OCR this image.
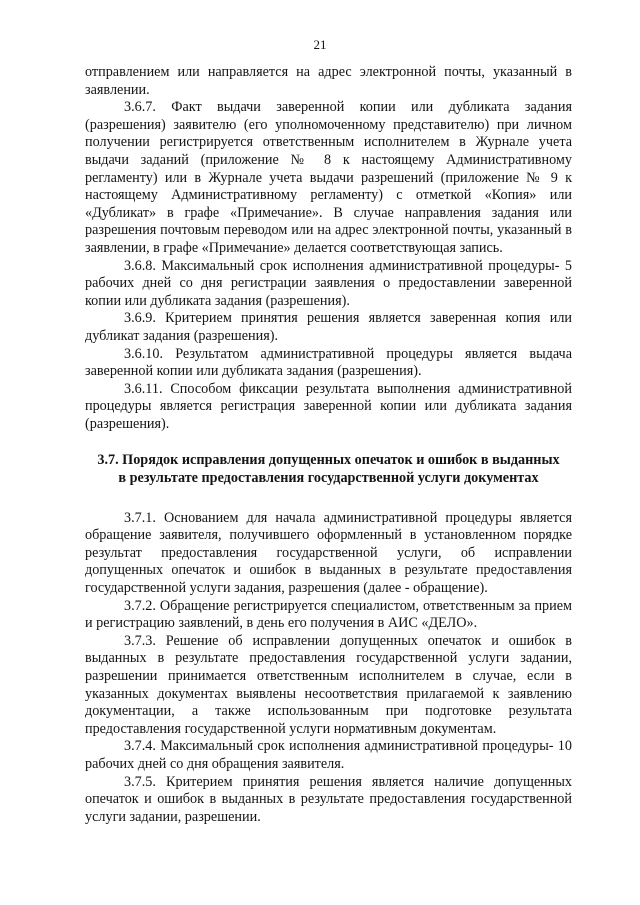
21

отправлением или направляется на адрес электронной почты, указанный в заявлении.

3.6.7. Факт выдачи заверенной копии или дубликата задания (разрешения) заявителю (его уполномоченному представителю) при личном получении регистрируется ответственным исполнителем в Журнале учета выдачи заданий (приложение № 8 к настоящему Административному регламенту) или в Журнале учета выдачи разрешений (приложение № 9 к настоящему Административному регламенту) с отметкой «Копия» или «Дубликат» в графе «Примечание». В случае направления задания или разрешения почтовым переводом или на адрес электронной почты, указанный в заявлении, в графе «Примечание» делается соответствующая запись.

3.6.8. Максимальный срок исполнения административной процедуры- 5 рабочих дней со дня регистрации заявления о предоставлении заверенной копии или дубликата задания (разрешения).

3.6.9. Критерием принятия решения является заверенная копия или дубликат задания (разрешения).

3.6.10. Результатом административной процедуры является выдача заверенной копии или дубликата задания (разрешения).

3.6.11. Способом фиксации результата выполнения административной процедуры является регистрация заверенной копии или дубликата задания (разрешения).

3.7. Порядок исправления допущенных опечаток и ошибок в выданных в результате предоставления государственной услуги документах

3.7.1. Основанием для начала административной процедуры является обращение заявителя, получившего оформленный в установленном порядке результат предоставления государственной услуги, об исправлении допущенных опечаток и ошибок в выданных в результате предоставления государственной услуги задания, разрешения (далее - обращение).

3.7.2. Обращение регистрируется специалистом, ответственным за прием и регистрацию заявлений, в день его получения в АИС «ДЕЛО».

3.7.3. Решение об исправлении допущенных опечаток и ошибок в выданных в результате предоставления государственной услуги задании, разрешении принимается ответственным исполнителем в случае, если в указанных документах выявлены несоответствия прилагаемой к заявлению документации, а также использованным при подготовке результата предоставления государственной услуги нормативным документам.

3.7.4. Максимальный срок исполнения административной процедуры- 10 рабочих дней со дня обращения заявителя.

3.7.5. Критерием принятия решения является наличие допущенных опечаток и ошибок в выданных в результате предоставления государственной услуги задании, разрешении.
